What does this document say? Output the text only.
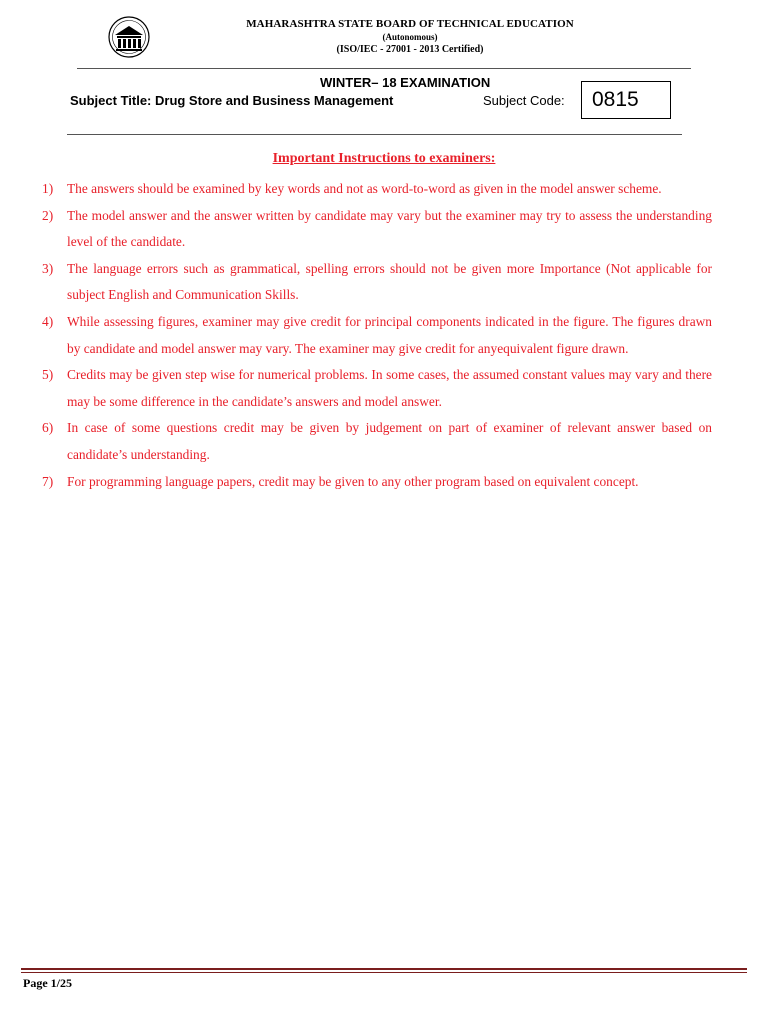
MAHARASHTRA STATE BOARD OF TECHNICAL EDUCATION
(Autonomous)
(ISO/IEC - 27001 - 2013 Certified)
WINTER– 18 EXAMINATION
Subject Title: Drug Store and Business Management	Subject Code:	0815
Important Instructions to examiners:
1) The answers should be examined by key words and not as word-to-word as given in the model answer scheme.
2) The model answer and the answer written by candidate may vary but the examiner may try to assess the understanding level of the candidate.
3) The language errors such as grammatical, spelling errors should not be given more Importance (Not applicable for subject English and Communication Skills.
4) While assessing figures, examiner may give credit for principal components indicated in the figure. The figures drawn by candidate and model answer may vary. The examiner may give credit for anyequivalent figure drawn.
5) Credits may be given step wise for numerical problems. In some cases, the assumed constant values may vary and there may be some difference in the candidate’s answers and model answer.
6) In case of some questions credit may be given by judgement on part of examiner of relevant answer based on candidate’s understanding.
7) For programming language papers, credit may be given to any other program based on equivalent concept.
Page 1/25
